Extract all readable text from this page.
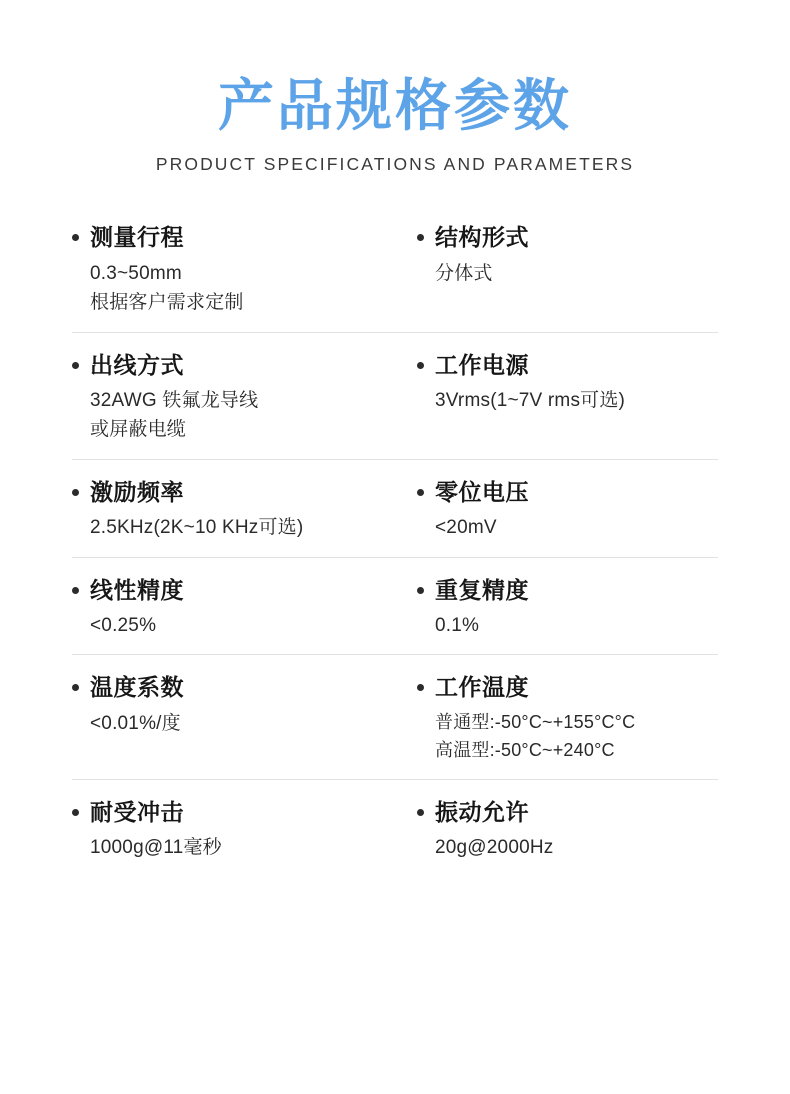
产品规格参数
PRODUCT SPECIFICATIONS AND PARAMETERS
测量行程
0.3~50mm
根据客户需求定制
结构形式
分体式
出线方式
32AWG 铁氟龙导线
或屏蔽电缆
工作电源
3Vrms(1~7V rms可选)
激励频率
2.5KHz(2K~10 KHz可选)
零位电压
<20mV
线性精度
<0.25%
重复精度
0.1%
温度系数
<0.01%/度
工作温度
普通型:-50°C~+155°C°C
高温型:-50°C~+240°C
耐受冲击
1000g@11毫秒
振动允许
20g@2000Hz
